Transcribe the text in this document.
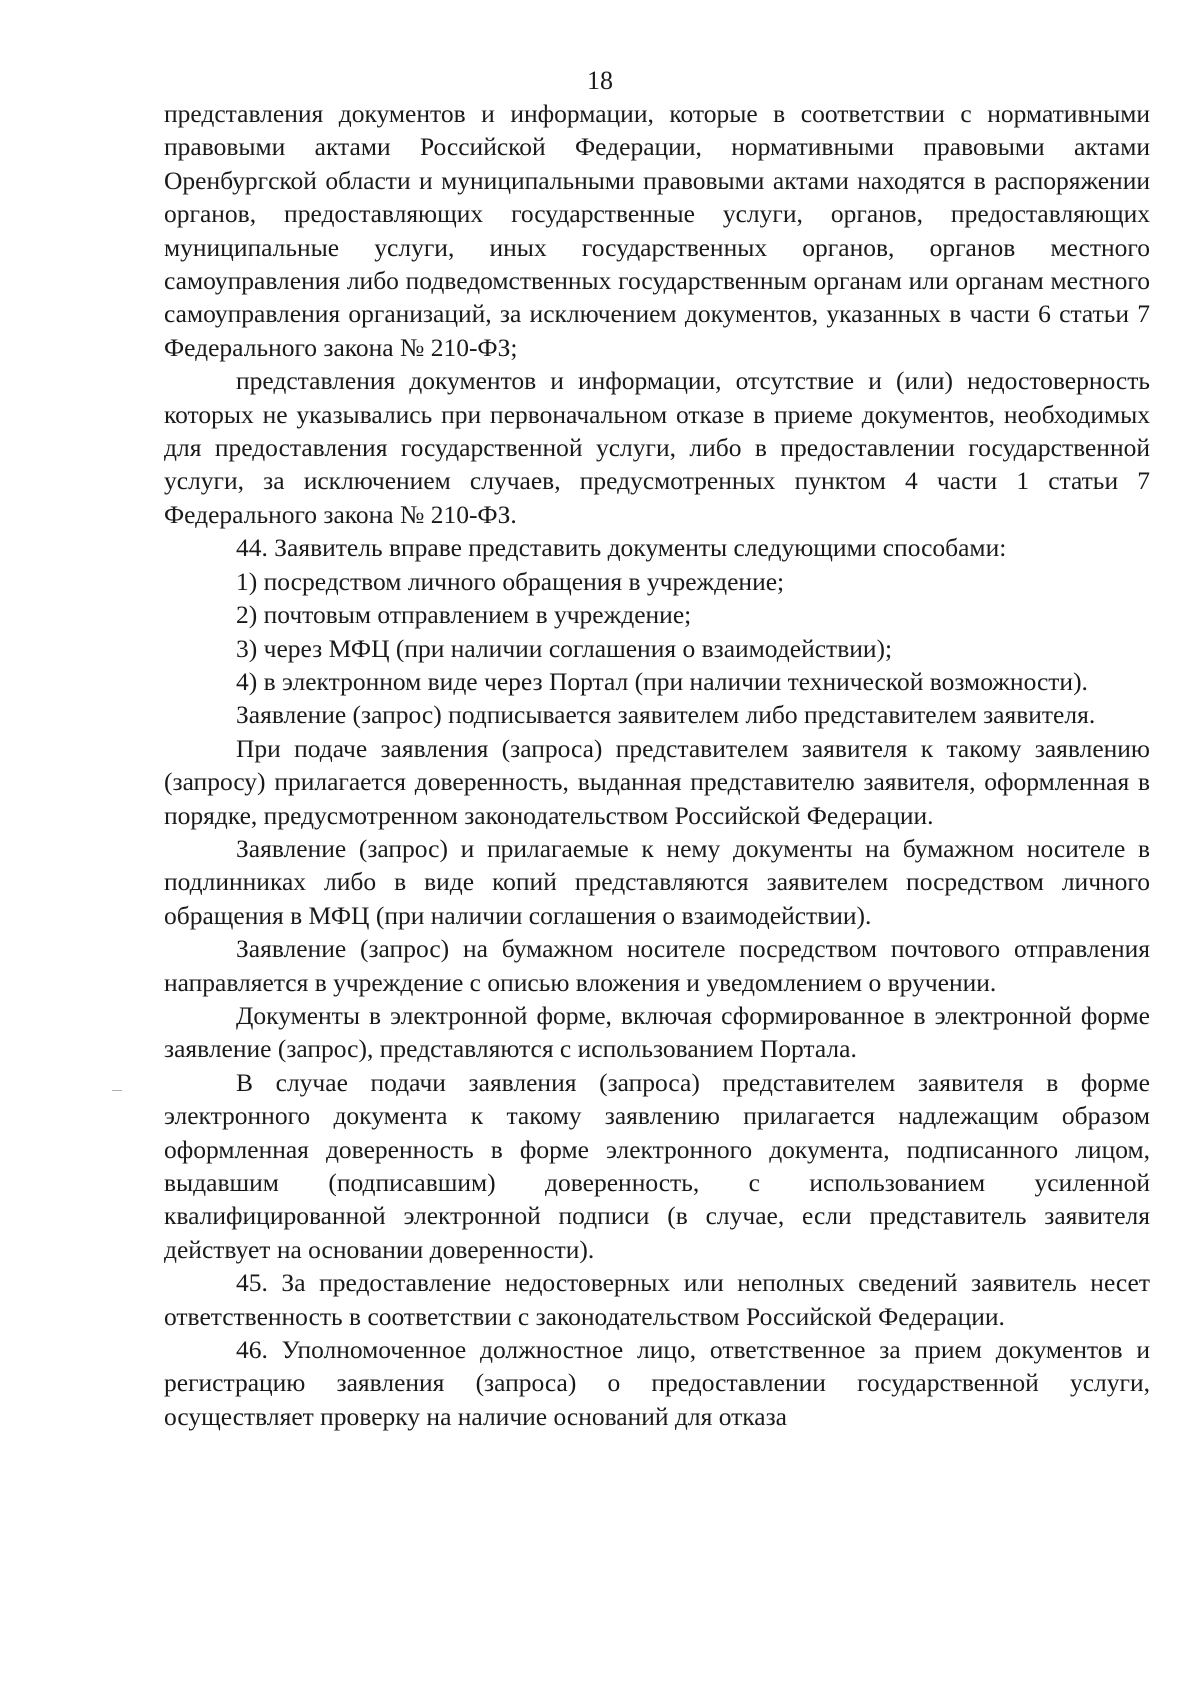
18

представления документов и информации, которые в соответствии с нормативными правовыми актами Российской Федерации, нормативными правовыми актами Оренбургской области и муниципальными правовыми актами находятся в распоряжении органов, предоставляющих государственные услуги, органов, предоставляющих муниципальные услуги, иных государственных органов, органов местного самоуправления либо подведомственных государственным органам или органам местного самоуправления организаций, за исключением документов, указанных в части 6 статьи 7 Федерального закона № 210-ФЗ;

представления документов и информации, отсутствие и (или) недостоверность которых не указывались при первоначальном отказе в приеме документов, необходимых для предоставления государственной услуги, либо в предоставлении государственной услуги, за исключением случаев, предусмотренных пунктом 4 части 1 статьи 7 Федерального закона № 210-ФЗ.

44. Заявитель вправе представить документы следующими способами:

1) посредством личного обращения в учреждение;

2) почтовым отправлением в учреждение;

3) через МФЦ (при наличии соглашения о взаимодействии);

4) в электронном виде через Портал (при наличии технической возможности).

Заявление (запрос) подписывается заявителем либо представителем заявителя.

При подаче заявления (запроса) представителем заявителя к такому заявлению (запросу) прилагается доверенность, выданная представителю заявителя, оформленная в порядке, предусмотренном законодательством Российской Федерации.

Заявление (запрос) и прилагаемые к нему документы на бумажном носителе в подлинниках либо в виде копий представляются заявителем посредством личного обращения в МФЦ (при наличии соглашения о взаимодействии).

Заявление (запрос) на бумажном носителе посредством почтового отправления направляется в учреждение с описью вложения и уведомлением о вручении.

Документы в электронной форме, включая сформированное в электронной форме заявление (запрос), представляются с использованием Портала.

В случае подачи заявления (запроса) представителем заявителя в форме электронного документа к такому заявлению прилагается надлежащим образом оформленная доверенность в форме электронного документа, подписанного лицом, выдавшим (подписавшим) доверенность, с использованием усиленной квалифицированной электронной подписи (в случае, если представитель заявителя действует на основании доверенности).

45. За предоставление недостоверных или неполных сведений заявитель несет ответственность в соответствии с законодательством Российской Федерации.

46. Уполномоченное должностное лицо, ответственное за прием документов и регистрацию заявления (запроса) о предоставлении государственной услуги, осуществляет проверку на наличие оснований для отказа
